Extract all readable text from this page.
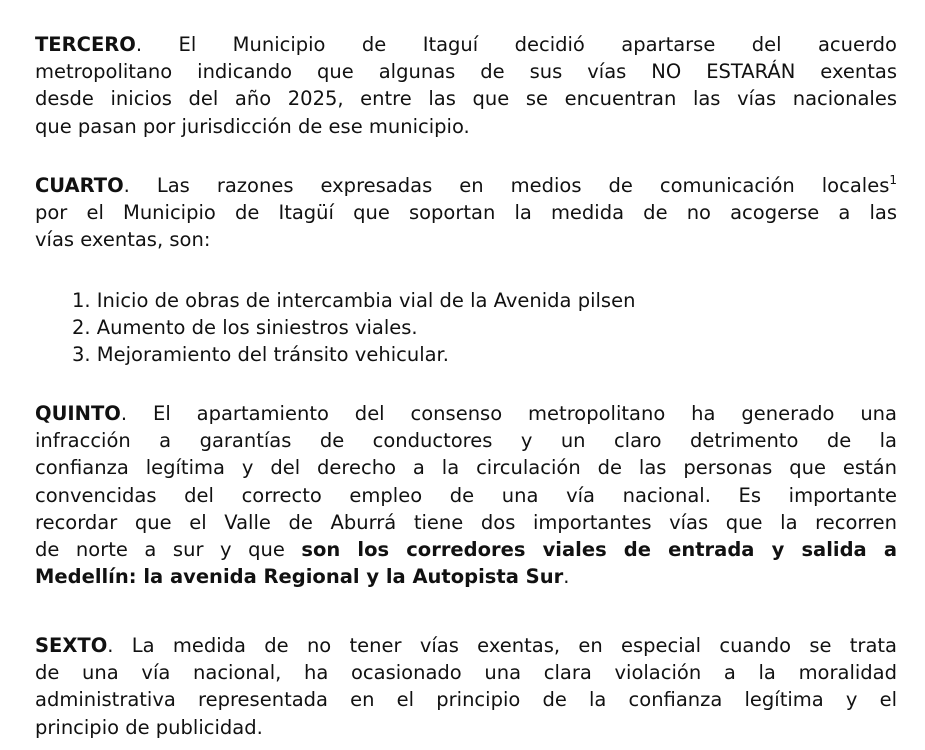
TERCERO. El Municipio de Itaguí decidió apartarse del acuerdo
metropolitano indicando que algunas de sus vías NO ESTARÁN exentas
desde inicios del año 2025, entre las que se encuentran las vías nacionales
que pasan por jurisdicción de ese municipio.
CUARTO. Las razones expresadas en medios de comunicación locales$^1$
por el Municipio de Itagüí que soportan la medida de no acogerse a las
vías exentas, son:
1. Inicio de obras de intercambia vial de la Avenida pilsen
2. Aumento de los siniestros viales.
3. Mejoramiento del tránsito vehicular.
QUINTO. El apartamiento del consenso metropolitano ha generado una
infracción a garantías de conductores y un claro detrimento de la
confianza legítima y del derecho a la circulación de las personas que están
convencidas del correcto empleo de una vía nacional. Es importante
recordar que el Valle de Aburrá tiene dos importantes vías que la recorren
de norte a sur y que son los corredores viales de entrada y salida a
Medellín: la avenida Regional y la Autopista Sur.
SEXTO. La medida de no tener vías exentas, en especial cuando se trata
de una vía nacional, ha ocasionado una clara violación a la moralidad
administrativa representada en el principio de la confianza legítima y el
principio de publicidad.
